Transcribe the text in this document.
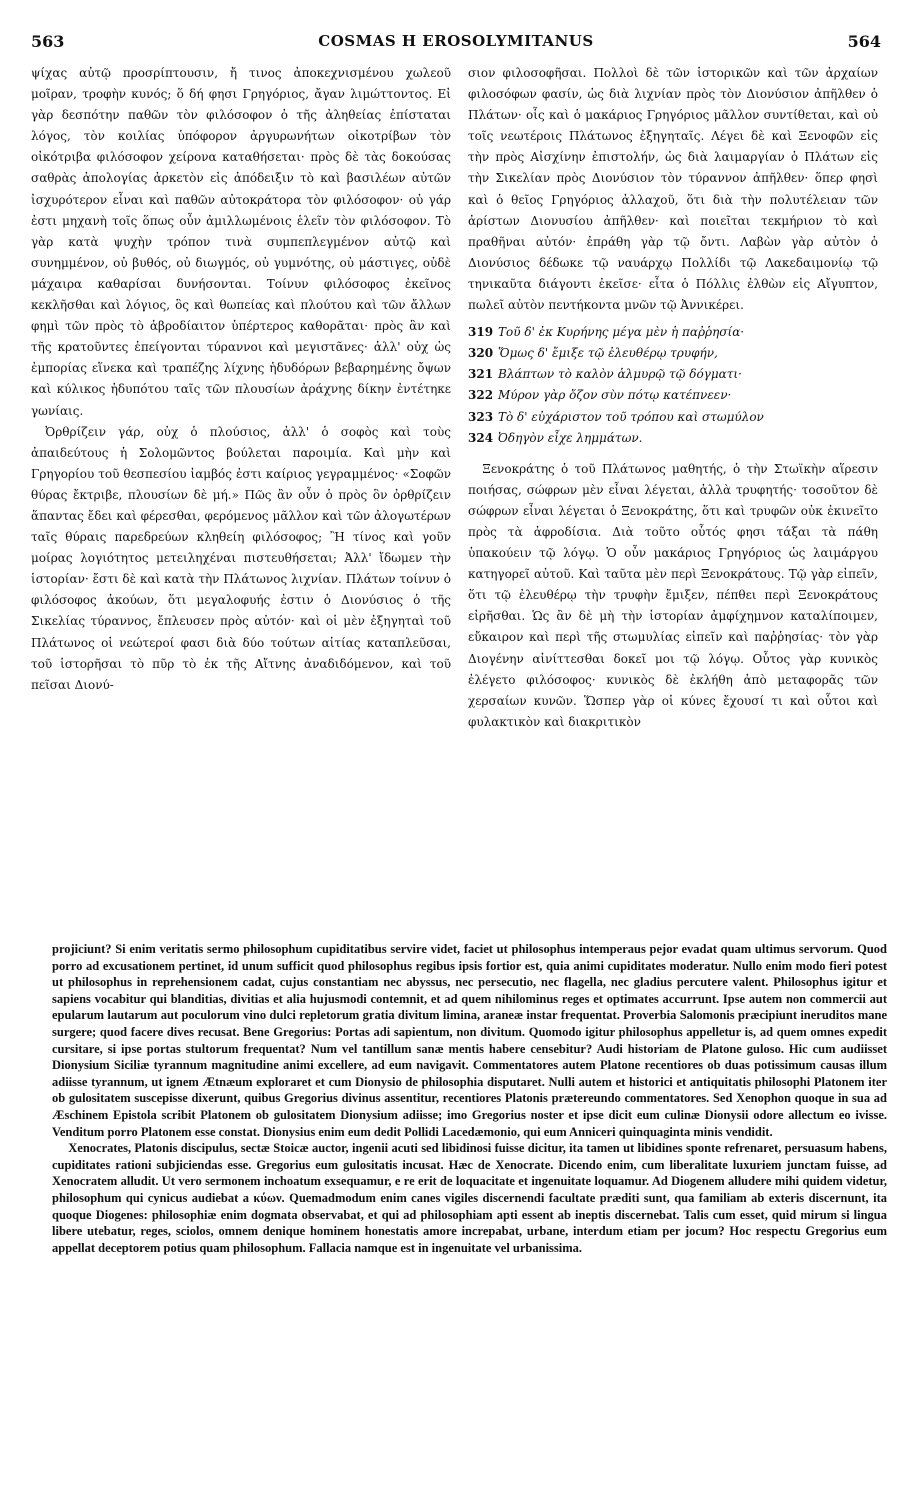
563	COSMAS H EROSOLYMITANUS	564

ψίχας αὐτῷ προσρίπτουσιν, ἤ τινος ἀποκεχνισμένου χωλεοῦ μοῖραν, τροφὴν κυνός; ὅ δή φησι Γρηγόριος, ἄγαν λιμώττοντος. Εἰ γὰρ δεσπότην παθῶν τὸν φιλόσοφον ὁ τῆς ἀληθείας ἐπίσταται λόγος, τὸν κοιλίας ὑπόφορον ἀργυρωνήτων οἰκοτρίβων τὸν οἰκότριβα φιλόσοφον χείρονα καταθήσεται· πρὸς δὲ τὰς δοκούσας σαθρὰς ἀπολογίας ἀρκετὸν εἰς ἀπόδειξιν τὸ καὶ βασιλέων αὐτῶν ἰσχυρότερον εἶναι καὶ παθῶν αὐτοκράτορα τὸν φιλόσοφον· οὐ γάρ ἐστι μηχανὴ τοῖς ὅπως οὖν ἀμιλλωμένοις ἑλεῖν τὸν φιλόσοφον. Τὸ γὰρ κατὰ ψυχὴν τρόπον τινὰ συμπεπλεγμένον αὐτῷ καὶ συνημμένον, οὐ βυθός, οὐ διωγμός, οὐ γυμνότης, οὐ μάστιγες, οὐδὲ μάχαιρα καθαρίσαι δυνήσονται. Τοίνυν φιλόσοφος ἐκεῖνος κεκλῆσθαι καὶ λόγιος, ὃς καὶ θωπείας καὶ πλούτου καὶ τῶν ἄλλων φημὶ τῶν πρὸς τὸ ἁβροδίαιτον ὑπέρτερος καθορᾶται· πρὸς ἃν καὶ τῆς κρατοῦντες ἐπείγονται τύραννοι καὶ μεγιστᾶνες· ἀλλ' οὐχ ὡς ἐμπορίας εἵνεκα καὶ τραπέζης λίχνης ἡδυδόρων βεβαρημένης ὄψων καὶ κύλικος ἡδυπότου ταῖς τῶν πλουσίων ἀράχνης δίκην ἐντέτηκε γωνίαις.

Ὀρθρίζειν γάρ, οὐχ ὁ πλούσιος, ἀλλ' ὁ σοφὸς καὶ τοὺς ἀπαιδεύτους ἡ Σολομῶντος βούλεται παροιμία. Καὶ μὴν καὶ Γρηγορίου τοῦ θεσπεσίου ἰαμβός ἐστι καίριος γεγραμμένος· «Σοφῶν θύρας ἔκτριβε, πλουσίων δὲ μή.» Πῶς ἂν οὖν ὁ πρὸς ὃν ὀρθρίζειν ἅπαντας ἔδει καὶ φέρεσθαι, φερόμενος μᾶλλον καὶ τῶν ἀλογωτέρων ταῖς θύραις παρεδρεύων κληθείη φιλόσοφος; Ἢ τίνος καὶ γοῦν μοίρας λογιότητος μετειληχέναι πιστευθήσεται; Ἀλλ' ἴδωμεν τὴν ἱστορίαν· ἔστι δὲ καὶ κατὰ τὴν Πλάτωνος λιχνίαν. Πλάτων τοίνυν ὁ φιλόσοφος ἀκούων, ὅτι μεγαλοφυής ἐστιν ὁ Διονύσιος ὁ τῆς Σικελίας τύραννος, ἔπλευσεν πρὸς αὐτόν· καὶ οἱ μὲν ἐξηγηταὶ τοῦ Πλάτωνος οἱ νεώτεροί φασι διὰ δύο τούτων αἰτίας καταπλεῦσαι, τοῦ ἱστορῆσαι τὸ πῦρ τὸ ἐκ τῆς Αἴτνης ἀναδιδόμενον, καὶ τοῦ πεῖσαι Διονύ-

σιον φιλοσοφῆσαι. Πολλοὶ δὲ τῶν ἱστορικῶν καὶ τῶν ἀρχαίων φιλοσόφων φασίν, ὡς διὰ λιχνίαν πρὸς τὸν Διονύσιον ἀπῆλθεν ὁ Πλάτων· οἷς καὶ ὁ μακάριος Γρηγόριος μᾶλλον συντίθεται, καὶ οὐ τοῖς νεωτέροις Πλάτωνος ἐξηγηταῖς. Λέγει δὲ καὶ Ξενοφῶν εἰς τὴν πρὸς Αἰσχίνην ἐπιστολήν, ὡς διὰ λαιμαργίαν ὁ Πλάτων εἰς τὴν Σικελίαν πρὸς Διονύσιον τὸν τύραννον ἀπῆλθεν· ὅπερ φησὶ καὶ ὁ θεῖος Γρηγόριος ἀλλαχοῦ, ὅτι διὰ τὴν πολυτέλειαν τῶν ἀρίστων Διονυσίου ἀπῆλθεν· καὶ ποιεῖται τεκμήριον τὸ καὶ πραθῆναι αὐτόν· ἐπράθη γὰρ τῷ ὄντι. Λαβὼν γὰρ αὐτὸν ὁ Διονύσιος δέδωκε τῷ ναυάρχῳ Πολλίδι τῷ Λακεδαιμονίῳ τῷ τηνικαῦτα διάγοντι ἐκεῖσε· εἶτα ὁ Πόλλις ἐλθὼν εἰς Αἴγυπτον, πωλεῖ αὐτὸν πεντήκοντα μνῶν τῷ Ἀννικέρει.

319 Τοῦ δ' ἐκ Κυρήνης μέγα μὲν ἡ παῤῥησία·
320 Ὅμως δ' ἔμιξε τῷ ἐλευθέρῳ τρυφήν,
321 Βλάπτων τὸ καλὸν ἁλμυρῷ τῷ δόγματι·
322 Μύρον γὰρ ὄζον σὺν πότῳ κατέπνεεν·
323 Τὸ δ' εὐχάριστον τοῦ τρόπου καὶ στωμύλον
324 Ὀδηγὸν εἶχε λημμάτων.

Ξενοκράτης ὁ τοῦ Πλάτωνος μαθητής, ὁ τὴν Στωϊκὴν αἵρεσιν ποιήσας, σώφρων μὲν εἶναι λέγεται, ἀλλὰ τρυφητής· τοσοῦτον δὲ σώφρων εἶναι λέγεται ὁ Ξενοκράτης, ὅτι καὶ τρυφῶν οὐκ ἐκινεῖτο πρὸς τὰ ἀφροδίσια. Διὰ τοῦτο οὗτός φησι τάξαι τὰ πάθη ὑπακούειν τῷ λόγῳ. Ὁ οὖν μακάριος Γρηγόριος ὡς λαιμάργου κατηγορεῖ αὐτοῦ. Καὶ ταῦτα μὲν περὶ Ξενοκράτους. Τῷ γὰρ εἰπεῖν, ὅτι τῷ ἐλευθέρῳ τὴν τρυφὴν ἔμιξεν, πέπθει περὶ Ξενοκράτους εἰρῆσθαι. Ὡς ἂν δὲ μὴ τὴν ἱστορίαν ἀμφίχημνον καταλίποιμεν, εὔκαιρον καὶ περὶ τῆς στωμυλίας εἰπεῖν καὶ παῤῥησίας· τὸν γὰρ Διογένην αἰνίττεσθαι δοκεῖ μοι τῷ λόγῳ. Οὗτος γὰρ κυνικὸς ἐλέγετο φιλόσοφος· κυνικὸς δὲ ἐκλήθη ἀπὸ μεταφορᾶς τῶν χερσαίων κυνῶν. Ὥσπερ γὰρ οἱ κύνες ἔχουσί τι καὶ οὗτοι καὶ φυλακτικὸν καὶ διακριτικὸν

projiciunt? Si enim veritatis sermo philosophum cupiditatibus servire videt, faciet ut philosophus intemperaus pejor evadat quam ultimus servorum. Quod porro ad excusationem pertinet, id unum sufficit quod philosophus regibus ipsis fortior est, quia animi cupiditates moderatur. Nullo enim modo fieri potest ut philosophus in reprehensionem cadat, cujus constantiam nec abyssus, nec persecutio, nec flagella, nec gladius percutere valent. Philosophus igitur et sapiens vocabitur qui blanditias, divitias et alia hujusmodi contemnit, et ad quem nihilominus reges et optimates accurrunt. Ipse autem non commercii aut epularum lautarum aut poculorum vino dulci repletorum gratia divitum limina, araneæ instar frequentat. Proverbia Salomonis præcipiunt ineruditos mane surgere; quod facere dives recusat. Bene Gregorius: Portas adi sapientum, non divitum. Quomodo igitur philosophus appelletur is, ad quem omnes expedit cursitare, si ipse portas stultorum frequentat? Num vel tantillum sanæ mentis habere censebitur? Audi historiam de Platone guloso. Hic cum audiisset Dionysium Siciliæ tyrannum magnitudine animi excellere, ad eum navigavit. Commentatores autem Platone recentiores ob duas potissimum causas illum adiisse tyrannum, ut ignem Ætnæum exploraret et cum Dionysio de philosophia disputaret. Nulli autem et historici et antiquitatis philosophi Platonem iter ob gulositatem suscepisse dixerunt, quibus Gregorius divinus assentitur, recentiores Platonis prætereundo commentatores. Sed Xenophon quoque in sua ad Æschinem Epistola scribit Platonem ob gulositatem Dionysium adiisse; imo Gregorius noster et ipse dicit eum culinæ Dionysii odore allectum eo ivisse. Venditum porro Platonem esse constat. Dionysius enim eum dedit Pollidi Lacedæmonio, qui eum Anniceri quinquaginta minis vendidit.

Xenocrates, Platonis discipulus, sectæ Stoicæ auctor, ingenii acuti sed libidinosi fuisse dicitur, ita tamen ut libidines sponte refrenaret, persuasum habens, cupiditates rationi subjiciendas esse. Gregorius eum gulositatis incusat. Hæc de Xenocrate. Dicendo enim, cum liberalitate luxuriem junctam fuisse, ad Xenocratem alludit. Ut vero sermonem inchoatum exsequamur, e re erit de loquacitate et ingenuitate loquamur. Ad Diogenem alludere mihi quidem videtur, philosophum qui cynicus audiebat a κύων. Quemadmodum enim canes vigiles discernendi facultate præditi sunt, qua familiam ab exteris discernunt, ita quoque Diogenes: philosophiæ enim dogmata observabat, et qui ad philosophiam apti essent ab ineptis discernebat. Talis cum esset, quid mirum si lingua libere utebatur, reges, sciolos, omnem denique hominem honestatis amore increpabat, urbane, interdum etiam per jocum? Hoc respectu Gregorius eum appellat deceptorem potius quam philosophum. Fallacia namque est in ingenuitate vel urbanissima.
